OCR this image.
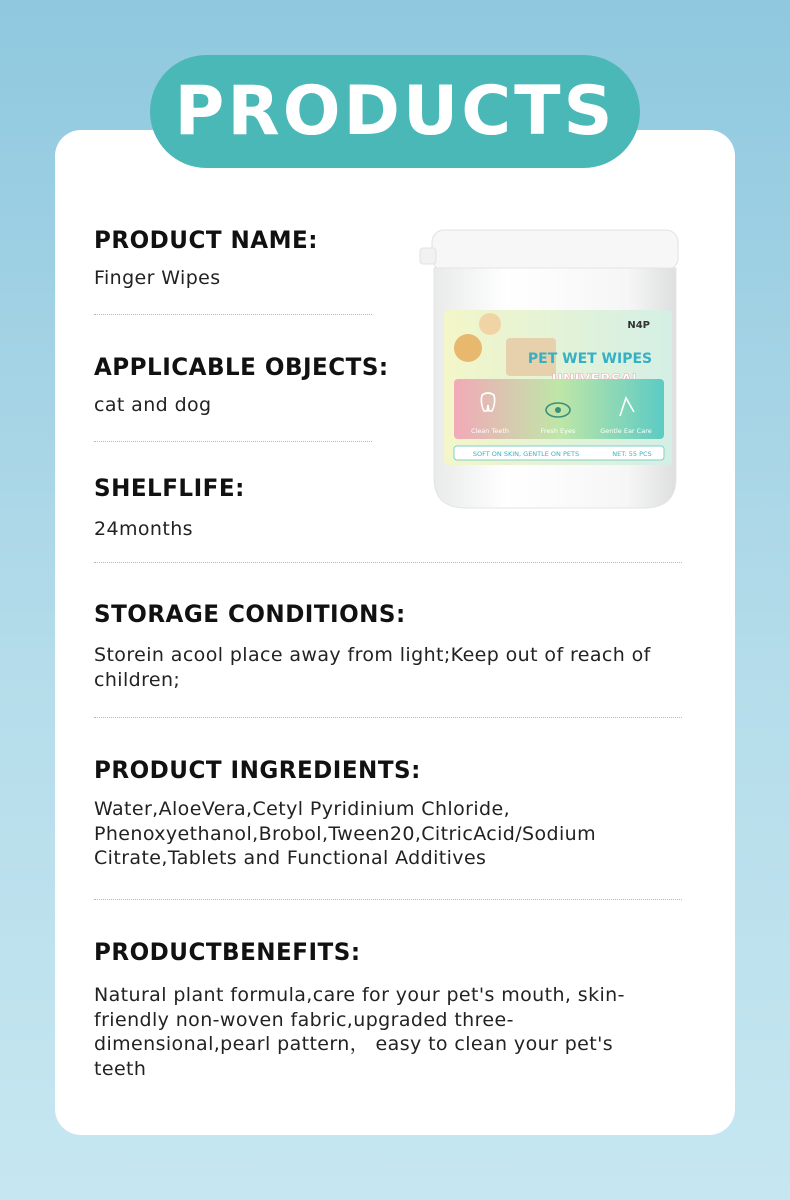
PRODUCTS
PRODUCT NAME:
Finger Wipes
APPLICABLE OBJECTS:
cat and dog
SHELFLIFE:
24months
STORAGE CONDITIONS:
Storein acool place away from light;Keep out of reach of children;
PRODUCT INGREDIENTS:
Water,AloeVera,Cetyl Pyridinium Chloride, Phenoxyethanol,Brobol,Tween20,CitricAcid/Sodium Citrate,Tablets and Functional Additives
PRODUCTBENEFITS:
Natural plant formula,care for your pet's mouth, skin-friendly non-woven fabric,upgraded three-dimensional,pearl pattern， easy to clean your pet's teeth
N4P
PET WET WIPES
Clean Teeth	Fresh Eyes	Gentle Ear Care
SOFT ON SKIN, GENTLE ON PETS	NET: 55 PCS
